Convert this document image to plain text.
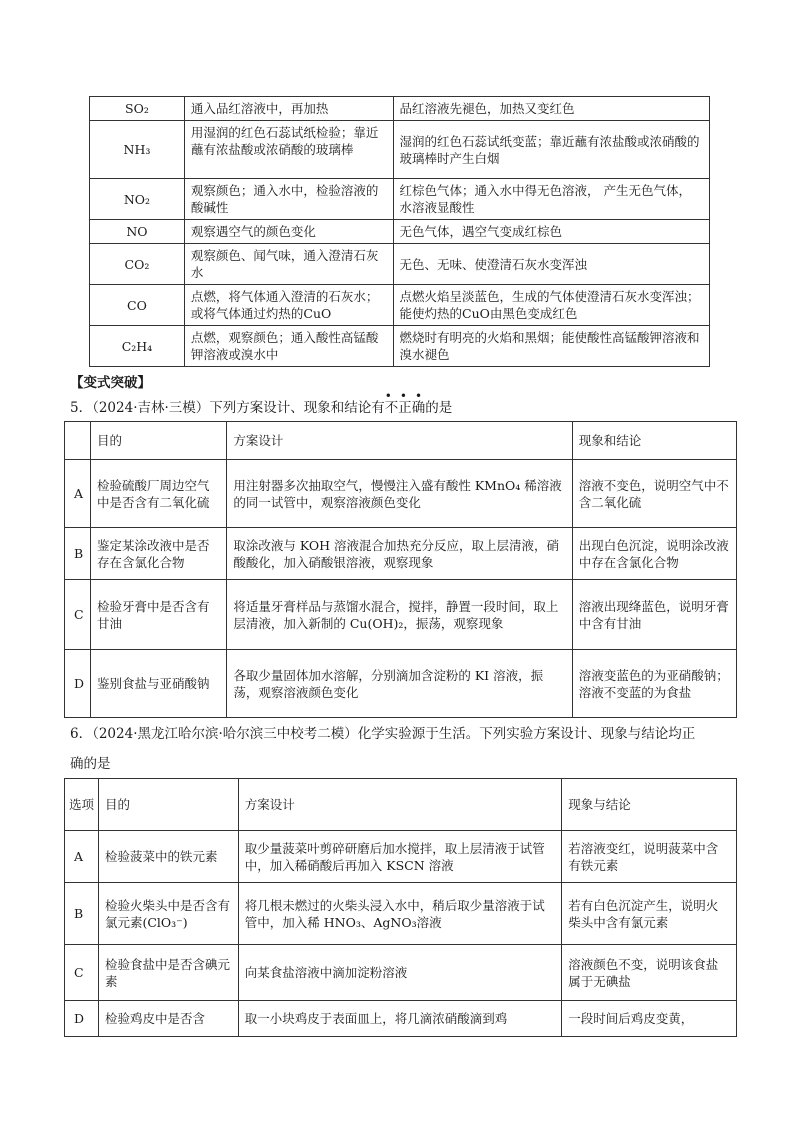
SO₂	通入品红溶液中，再加热	品红溶液先褪色，加热又变红色
NH₃	用湿润的红色石蕊试纸检验；靠近蘸有浓盐酸或浓硝酸的玻璃棒	湿润的红色石蕊试纸变蓝；靠近蘸有浓盐酸或浓硝酸的玻璃棒时产生白烟
NO₂	观察颜色；通入水中，检验溶液的酸碱性	红棕色气体；通入水中得无色溶液， 产生无色气体，水溶液显酸性
NO	观察遇空气的颜色变化	无色气体，遇空气变成红棕色
CO₂	观察颜色、闻气味，通入澄清石灰水	无色、无味、使澄清石灰水变浑浊
CO	点燃，将气体通入澄清的石灰水；或将气体通过灼热的CuO	点燃火焰呈淡蓝色，生成的气体使澄清石灰水变浑浊；能使灼热的CuO由黑色变成红色
C₂H₄	点燃，观察颜色；通入酸性高锰酸钾溶液或溴水中	燃烧时有明亮的火焰和黑烟；能使酸性高锰酸钾溶液和溴水褪色
【变式突破】
5．（2024·吉林·三模）下列方案设计、现象和结论有
•••
不正确的是
	目的	方案设计	现象和结论
A	检验硫酸厂周边空气中是否含有二氧化硫	用注射器多次抽取空气，慢慢注入盛有酸性 KMnO₄ 稀溶液的同一试管中，观察溶液颜色变化	溶液不变色，说明空气中不含二氧化硫
B	鉴定某涂改液中是否存在含氯化合物	取涂改液与 KOH 溶液混合加热充分反应，取上层清液，硝酸酸化，加入硝酸银溶液，观察现象	出现白色沉淀，说明涂改液中存在含氯化合物
C	检验牙膏中是否含有甘油	将适量牙膏样品与蒸馏水混合，搅拌，静置一段时间，取上层清液，加入新制的 Cu(OH)₂，振荡，观察现象	溶液出现绛蓝色，说明牙膏中含有甘油
D	鉴别食盐与亚硝酸钠	各取少量固体加水溶解，分别滴加含淀粉的 KI 溶液，振荡，观察溶液颜色变化	溶液变蓝色的为亚硝酸钠；溶液不变蓝的为食盐
6．（2024·黑龙江哈尔滨·哈尔滨三中校考二模）化学实验源于生活。下列实验方案设计、现象与结论均正
确的是
选项	目的	方案设计	现象与结论
A	检验菠菜中的铁元素	取少量菠菜叶剪碎研磨后加水搅拌，取上层清液于试管中，加入稀硝酸后再加入 KSCN 溶液	若溶液变红，说明菠菜中含有铁元素
B	检验火柴头中是否含有氯元素(ClO₃⁻)	将几根未燃过的火柴头浸入水中，稍后取少量溶液于试管中，加入稀 HNO₃、AgNO₃溶液	若有白色沉淀产生，说明火柴头中含有氯元素
C	检验食盐中是否含碘元素	向某食盐溶液中滴加淀粉溶液	溶液颜色不变，说明该食盐属于无碘盐
D	检验鸡皮中是否含	取一小块鸡皮于表面皿上，将几滴浓硝酸滴到鸡	一段时间后鸡皮变黄，
